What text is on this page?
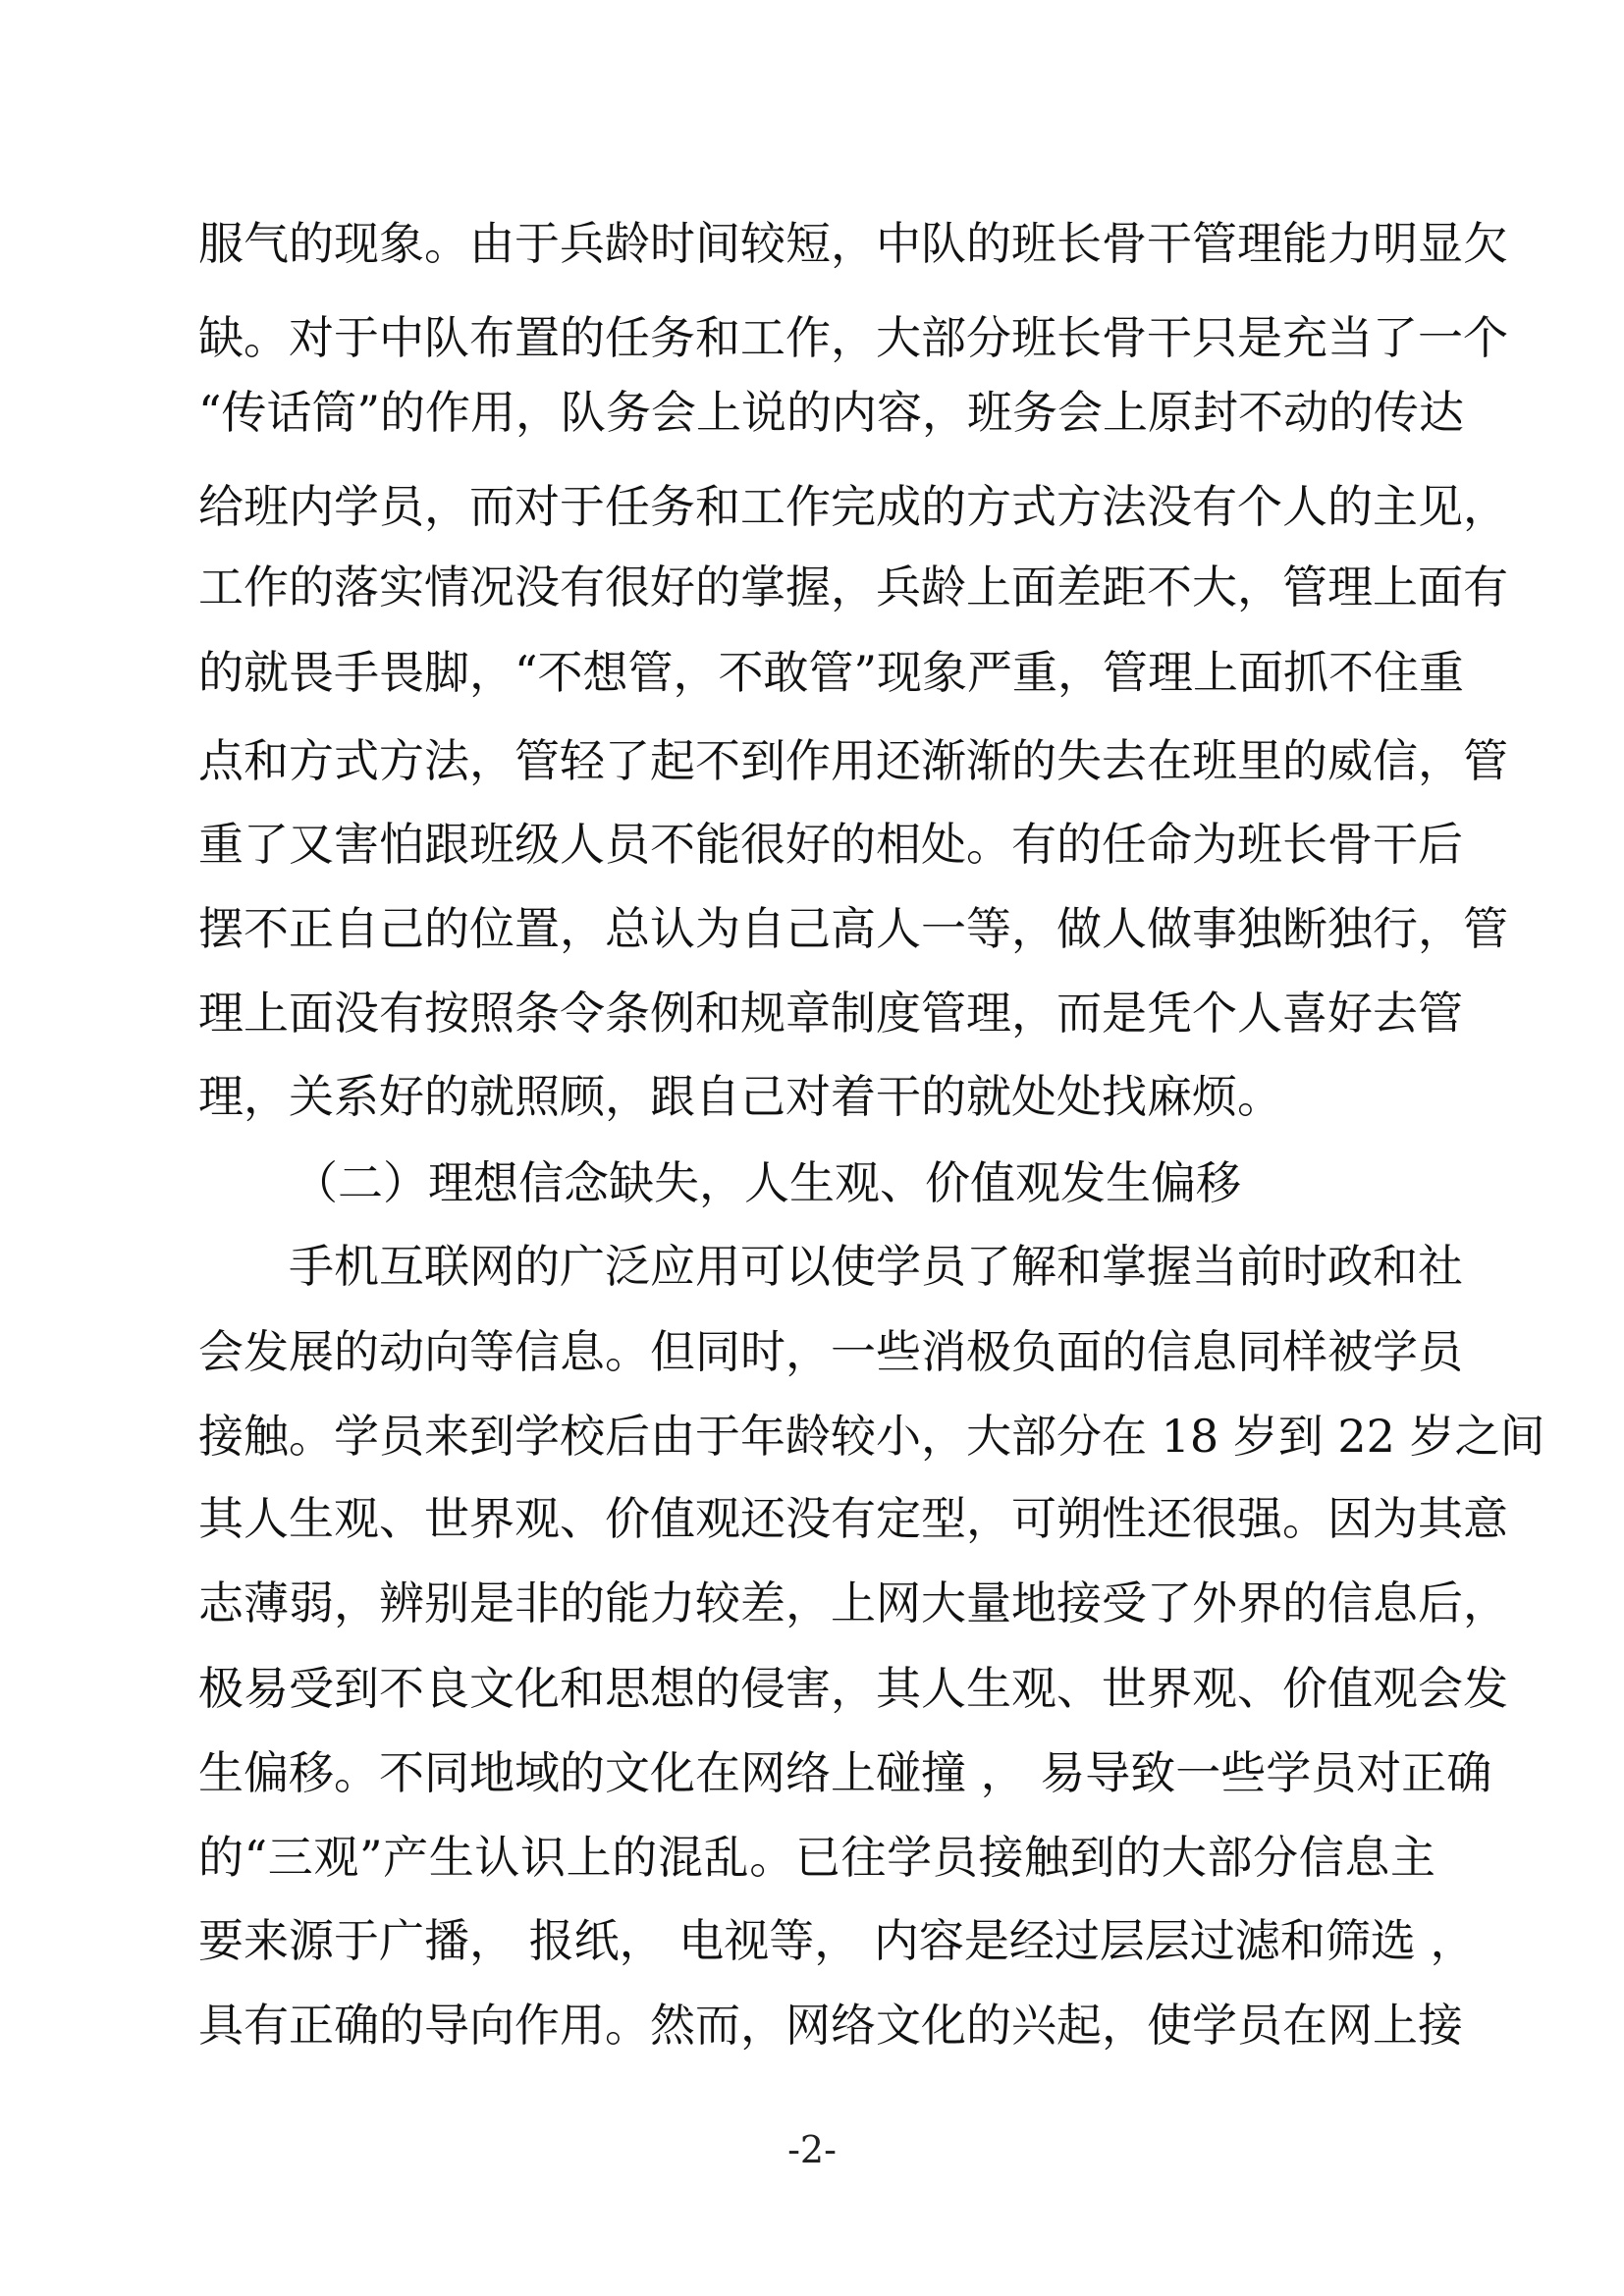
服气的现象。由于兵龄时间较短，中队的班长骨干管理能力明显欠
缺。对于中队布置的任务和工作，大部分班长骨干只是充当了一个
“传话筒”的作用，队务会上说的内容，班务会上原封不动的传达
给班内学员，而对于任务和工作完成的方式方法没有个人的主见，
工作的落实情况没有很好的掌握，兵龄上面差距不大，管理上面有
的就畏手畏脚，“不想管，不敢管”现象严重，管理上面抓不住重
点和方式方法，管轻了起不到作用还渐渐的失去在班里的威信，管
重了又害怕跟班级人员不能很好的相处。有的任命为班长骨干后
摆不正自己的位置，总认为自己高人一等，做人做事独断独行，管
理上面没有按照条令条例和规章制度管理，而是凭个人喜好去管
理，关系好的就照顾，跟自己对着干的就处处找麻烦。
（二）理想信念缺失，人生观、价值观发生偏移
手机互联网的广泛应用可以使学员了解和掌握当前时政和社
会发展的动向等信息。但同时，一些消极负面的信息同样被学员
接触。学员来到学校后由于年龄较小，大部分在 18 岁到 22 岁之间
其人生观、世界观、价值观还没有定型，可朔性还很强。因为其意
志薄弱，辨别是非的能力较差，上网大量地接受了外界的信息后，
极易受到不良文化和思想的侵害，其人生观、世界观、价值观会发
生偏移。不同地域的文化在网络上碰撞 ， 易导致一些学员对正确
的“三观”产生认识上的混乱。已往学员接触到的大部分信息主
要来源于广播， 报纸， 电视等， 内容是经过层层过滤和筛选 ，
具有正确的导向作用。然而，网络文化的兴起，使学员在网上接
-2-
